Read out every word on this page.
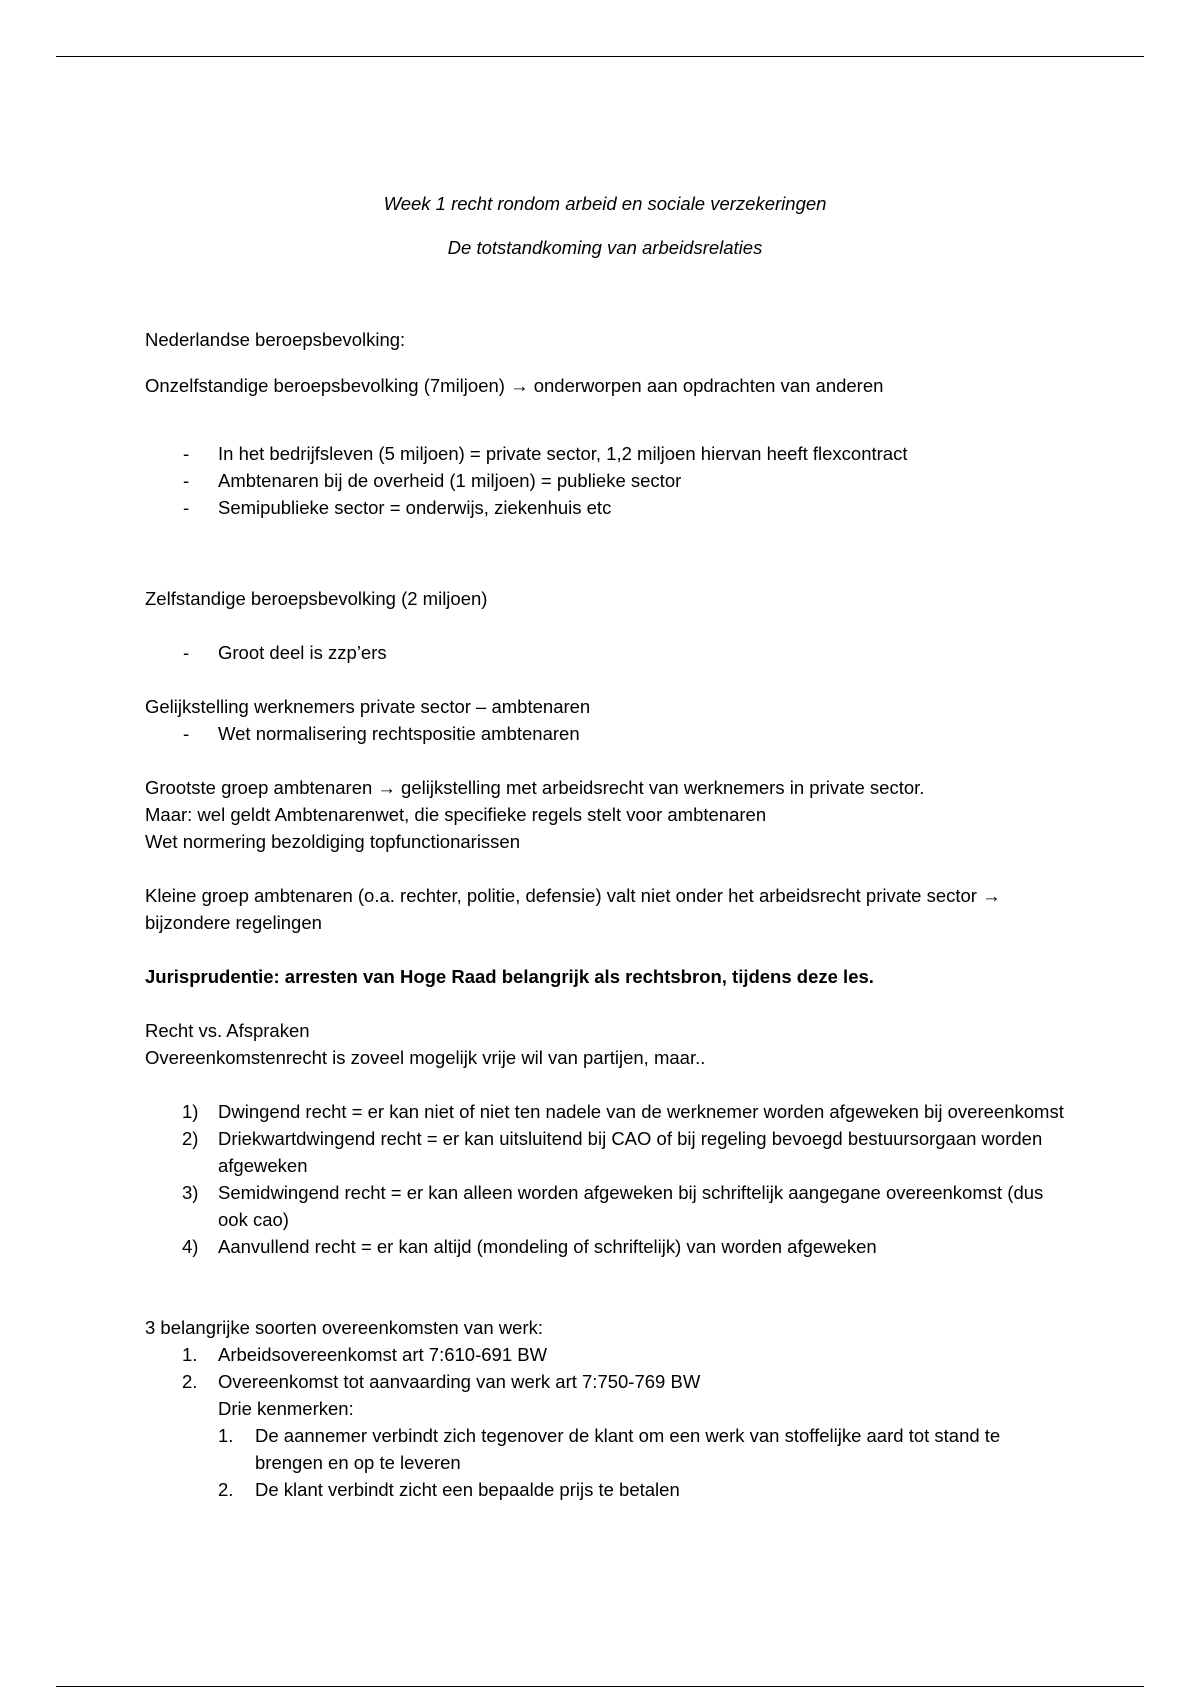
Week 1 recht rondom arbeid en sociale verzekeringen

De totstandkoming van arbeidsrelaties

Nederlandse beroepsbevolking:

Onzelfstandige beroepsbevolking (7miljoen) → onderworpen aan opdrachten van anderen

- In het bedrijfsleven (5 miljoen) = private sector, 1,2 miljoen hiervan heeft flexcontract
- Ambtenaren bij de overheid (1 miljoen) = publieke sector
- Semipublieke sector = onderwijs, ziekenhuis etc

Zelfstandige beroepsbevolking (2 miljoen)

- Groot deel is zzp’ers

Gelijkstelling werknemers private sector – ambtenaren

- Wet normalisering rechtspositie ambtenaren

Grootste groep ambtenaren → gelijkstelling met arbeidsrecht van werknemers in private sector.

Maar: wel geldt Ambtenarenwet, die specifieke regels stelt voor ambtenaren

Wet normering bezoldiging topfunctionarissen

Kleine groep ambtenaren (o.a. rechter, politie, defensie) valt niet onder het arbeidsrecht private sector → bijzondere regelingen

Jurisprudentie: arresten van Hoge Raad belangrijk als rechtsbron, tijdens deze les.

Recht vs. Afspraken

Overeenkomstenrecht is zoveel mogelijk vrije wil van partijen, maar..

1) Dwingend recht = er kan niet of niet ten nadele van de werknemer worden afgeweken bij overeenkomst
2) Driekwartdwingend recht = er kan uitsluitend bij CAO of bij regeling bevoegd bestuursorgaan worden afgeweken
3) Semidwingend recht = er kan alleen worden afgeweken bij schriftelijk aangegane overeenkomst (dus ook cao)
4) Aanvullend recht = er kan altijd (mondeling of schriftelijk) van worden afgeweken

3 belangrijke soorten overeenkomsten van werk:

1. Arbeidsovereenkomst art 7:610-691 BW
2. Overeenkomst tot aanvaarding van werk art 7:750-769 BW
Drie kenmerken:
1. De aannemer verbindt zich tegenover de klant om een werk van stoffelijke aard tot stand te brengen en op te leveren
2. De klant verbindt zicht een bepaalde prijs te betalen
